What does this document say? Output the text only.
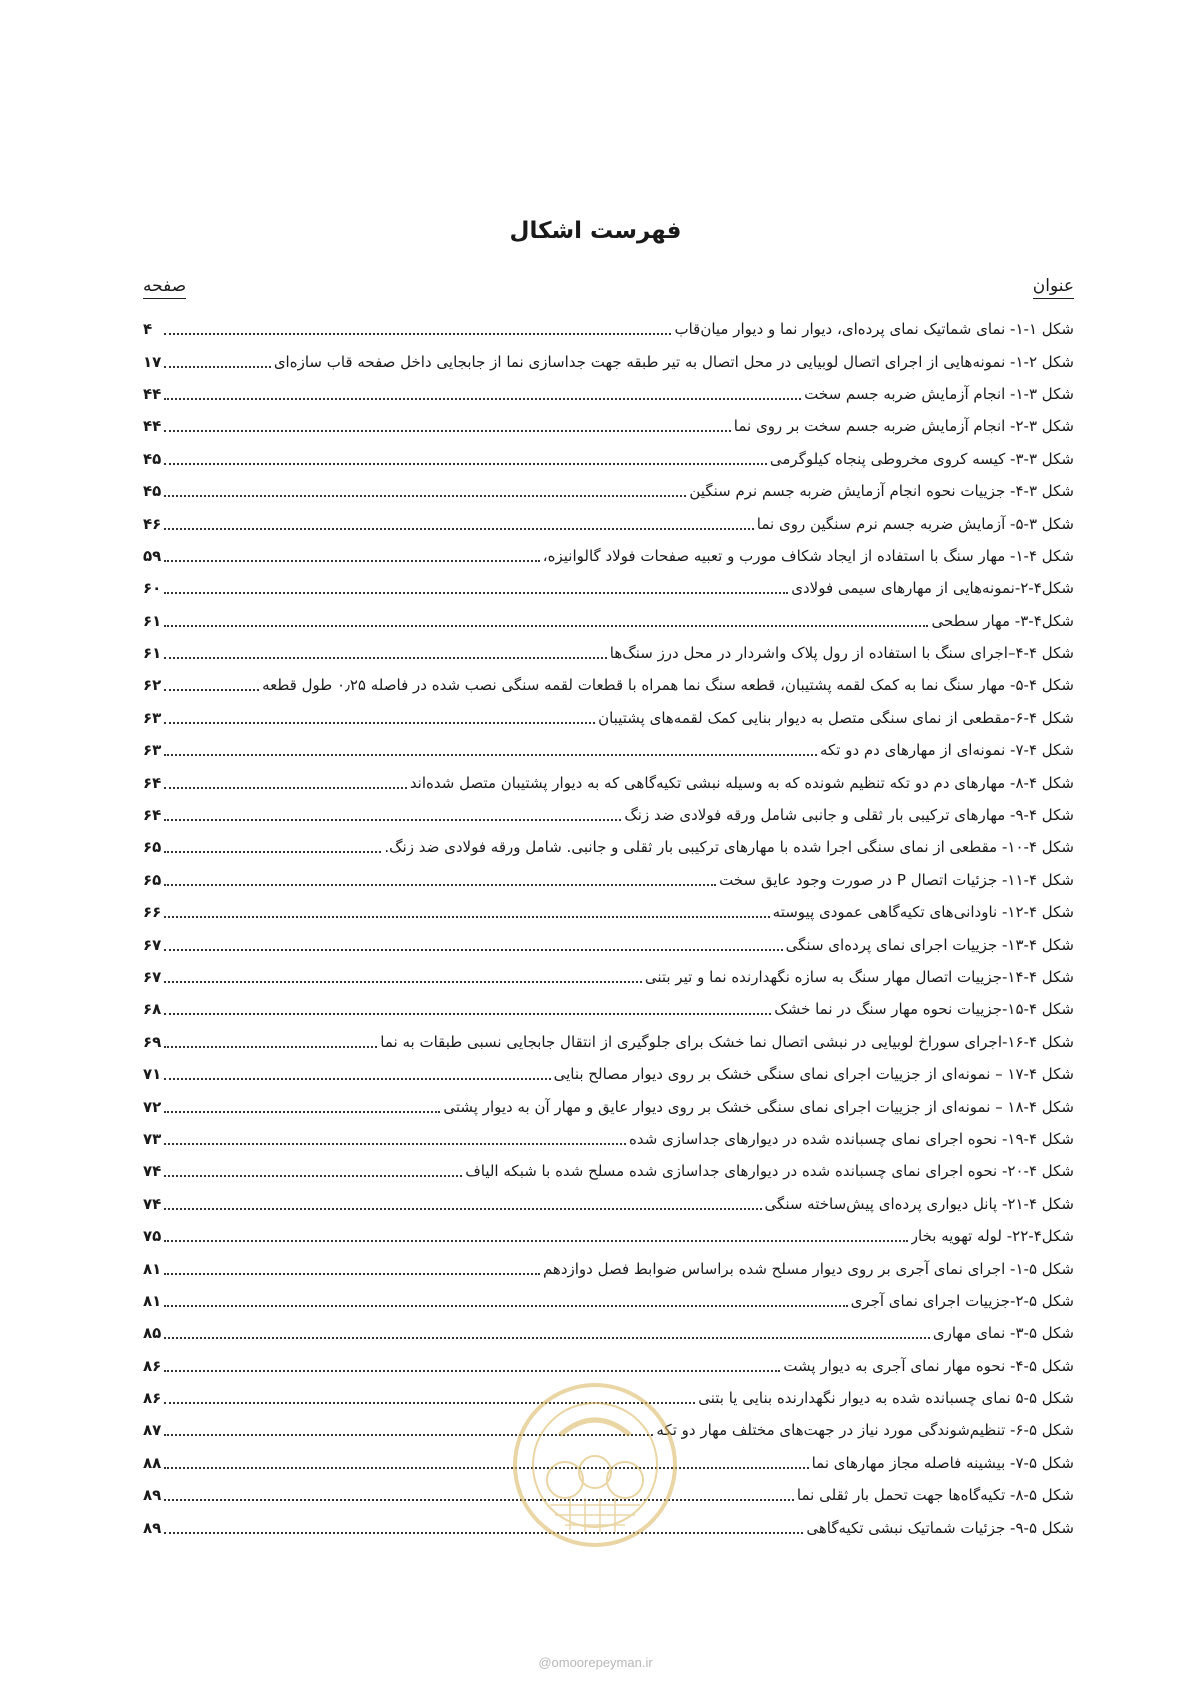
فهرست اشکال
عنوان
صفحه
شکل ۱-۱- نمای شماتیک نمای پرده‌ای، دیوار نما و دیوار میان‌قاب
۴
شکل ۲-۱- نمونه‌هایی از اجرای اتصال لوبیایی در محل اتصال به تیر طبقه جهت جداسازی نما از جابجایی داخل صفحه قاب سازه‌ای
۱۷
شکل ۳-۱- انجام آزمایش ضربه جسم سخت
۴۴
شکل ۳-۲- انجام آزمایش ضربه جسم سخت بر روی نما
۴۴
شکل ۳-۳- کیسه کروی مخروطی پنجاه کیلوگرمی
۴۵
شکل ۳-۴- جزییات نحوه انجام آزمایش ضربه جسم نرم سنگین
۴۵
شکل ۳-۵- آزمایش ضربه جسم نرم سنگین روی نما
۴۶
شکل ۴-۱- مهار سنگ با استفاده از ایجاد شکاف مورب و تعبیه صفحات فولاد گالوانیزه،
۵۹
شکل۴-۲-نمونه‌هایی از مهارهای سیمی فولادی
۶۰
شکل۴-۳- مهار سطحی
۶۱
شکل ۴-۴–اجرای سنگ با استفاده از رول پلاک واشردار در محل درز سنگ‌ها
۶۱
شکل ۴-۵- مهار سنگ نما به کمک لقمه پشتیبان، قطعه سنگ نما همراه با قطعات لقمه سنگی نصب شده در فاصله ۰٫۲۵ طول قطعه
۶۲
شکل ۴-۶-مقطعی از نمای سنگی متصل به دیوار بنایی کمک لقمه‌های پشتیبان
۶۳
شکل ۴-۷- نمونه‌ای از مهارهای دم دو تکه
۶۳
شکل ۴-۸- مهارهای دم دو تکه تنظیم شونده که به وسیله نبشی تکیه‌گاهی که به دیوار پشتیبان متصل شده‌اند
۶۴
شکل ۴-۹- مهارهای ترکیبی بار ثقلی و جانبی شامل ورقه فولادی ضد زنگ
۶۴
شکل ۴-۱۰- مقطعی از نمای سنگی اجرا شده با مهارهای ترکیبی بار ثقلی و جانبی. شامل ورقه فولادی ضد زنگ.
۶۵
شکل ۴-۱۱- جزئیات اتصال P در صورت وجود عایق سخت
۶۵
شکل ۴-۱۲- ناودانی‌های تکیه‌گاهی عمودی پیوسته
۶۶
شکل ۴-۱۳- جزییات اجرای نمای پرده‌ای سنگی
۶۷
شکل ۴-۱۴-جزییات اتصال مهار سنگ به سازه نگهدارنده نما و تیر بتنی
۶۷
شکل ۴-۱۵-جزییات نحوه مهار سنگ در نما خشک
۶۸
شکل ۴-۱۶-اجرای سوراخ لوبیایی در نبشی اتصال نما خشک برای جلوگیری از انتقال جابجایی نسبی طبقات به نما
۶۹
شکل ۴-۱۷ – نمونه‌ای از جزییات اجرای نمای سنگی خشک بر روی دیوار مصالح بنایی
۷۱
شکل ۴-۱۸ – نمونه‌ای از جزییات اجرای نمای سنگی خشک بر روی دیوار عایق و مهار آن به دیوار پشتی
۷۲
شکل ۴-۱۹- نحوه اجرای نمای چسبانده شده در دیوارهای جداسازی شده
۷۳
شکل ۴-۲۰- نحوه اجرای نمای چسبانده شده در دیوارهای جداسازی شده مسلح شده با شبکه الیاف
۷۴
شکل ۴-۲۱- پانل دیواری پرده‌ای پیش‌ساخته سنگی
۷۴
شکل۴-۲۲- لوله تهویه بخار
۷۵
شکل ۵-۱- اجرای نمای آجری بر روی دیوار مسلح شده براساس ضوابط فصل دوازدهم
۸۱
شکل ۵-۲-جزییات اجرای نمای آجری
۸۱
شکل ۵-۳- نمای مهاری
۸۵
شکل ۵-۴- نحوه مهار نمای آجری به دیوار پشت
۸۶
شکل ۵-۵ نمای چسبانده شده به دیوار نگهدارنده بنایی یا بتنی
۸۶
شکل ۵-۶- تنظیم‌شوندگی مورد نیاز در جهت‌های مختلف مهار دو تکه
۸۷
شکل ۵-۷- بیشینه فاصله مجاز مهارهای نما
۸۸
شکل ۵-۸- تکیه‌گاه‌ها جهت تحمل بار ثقلی نما
۸۹
شکل ۵-۹- جزئیات شماتیک نبشی تکیه‌گاهی
۸۹
@omoorepeyman.ir
